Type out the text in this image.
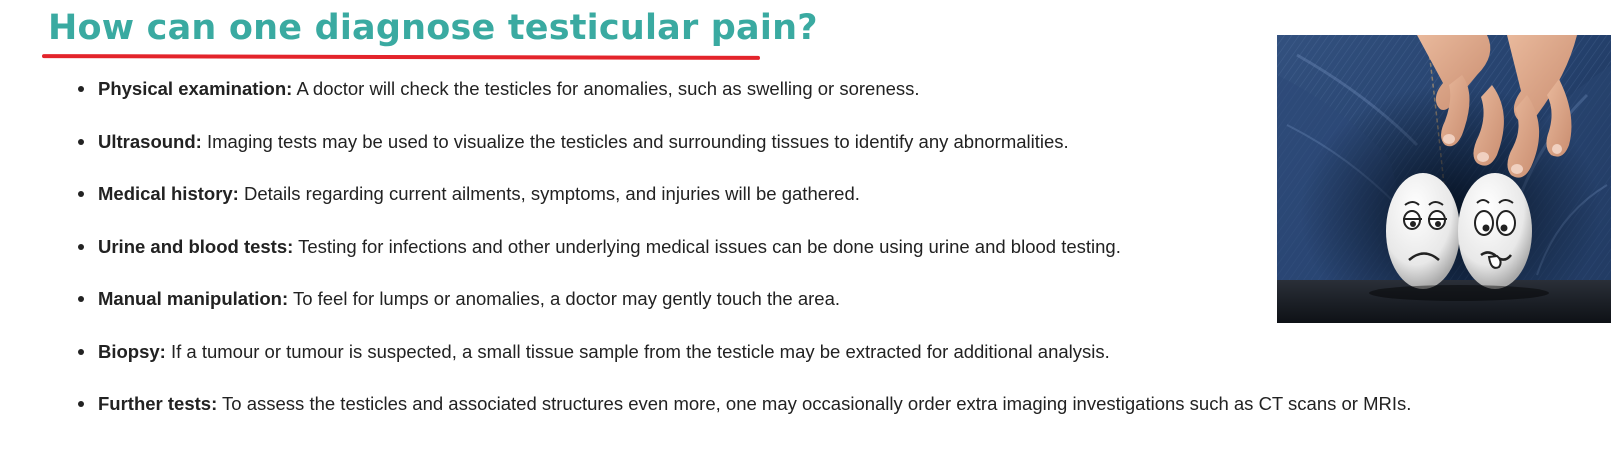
How can one diagnose testicular pain?
Physical examination: A doctor will check the testicles for anomalies, such as swelling or soreness.
Ultrasound: Imaging tests may be used to visualize the testicles and surrounding tissues to identify any abnormalities.
Medical history: Details regarding current ailments, symptoms, and injuries will be gathered.
Urine and blood tests: Testing for infections and other underlying medical issues can be done using urine and blood testing.
Manual manipulation: To feel for lumps or anomalies, a doctor may gently touch the area.
Biopsy: If a tumour or tumour is suspected, a small tissue sample from the testicle may be extracted for additional analysis.
Further tests: To assess the testicles and associated structures even more, one may occasionally order extra imaging investigations such as CT scans or MRIs.
